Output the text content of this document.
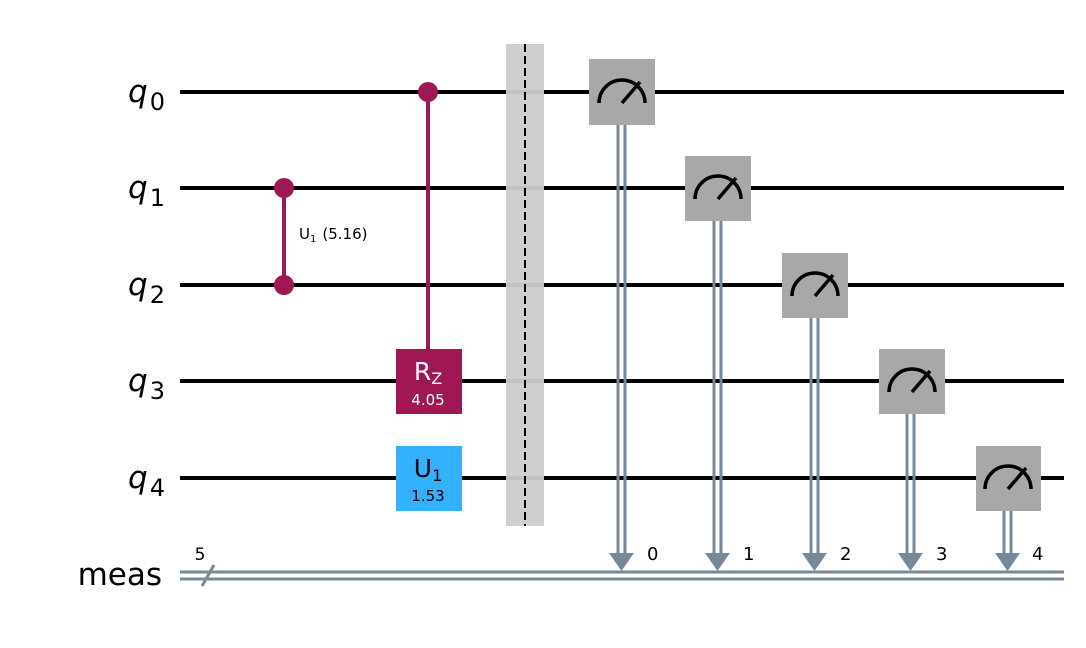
$q_0$
$q_1$
$q_2$
$q_3$
$q_4$
meas
5
$U_1$ (5.16)
RZ
4.05
U1
1.53
0	1	2	3	4
